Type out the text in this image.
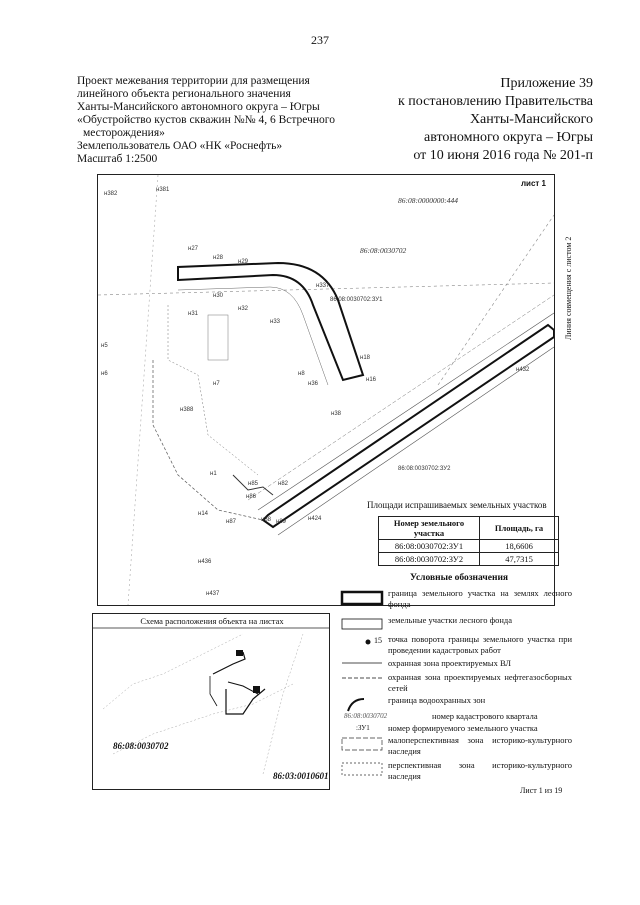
237
Проект межевания территории для размещения
линейного объекта регионального значения
Ханты-Мансийского автономного округа – Югры
«Обустройство кустов скважин №№ 4, 6 Встречного
месторождения»
Землепользователь ОАО «НК «Роснефть»
Масштаб 1:2500
Приложение 39
к постановлению Правительства
Ханты-Мансийского
автономного округа – Югры
от 10 июня 2016 года № 201-п
86:08:0000000:444
86:08:0030702
86:08:0030702:ЗУ1
86:08:0030702:ЗУ2
н381
н382
н27
н28
н29
н30
н337
н31
н33
н32
н5
н6
н7
н8
н36
н18
н16
н388
н38
н432
н1
н85
н86
н82
н87	н88 н89
н14
н424
н436
н437
лист 1
Линия совмещения с листом 2
Площади испрашиваемых земельных участков
Номер земельного участка	Площадь, га
86:08:0030702:ЗУ1	18,6606
86:08:0030702:ЗУ2	47,7315
Условные обозначения
граница земельного участка на землях лесного фонда
земельные участки лесного фонда
15 точка поворота границы земельного участка при проведении кадастровых работ
охранная зона проектируемых ВЛ
охранная зона проектируемых нефтегазосборных сетей
граница водоохранных зон
86:08:0030702	номер кадастрового квартала
:ЗУ1 номер формируемого земельного участка
малоперспективная зона историко-культурного наследия
перспективная зона историко-культурного наследия
Схема расположения объекта на листах
86:08:0030702
86:03:0010601
Лист 1 из 19
